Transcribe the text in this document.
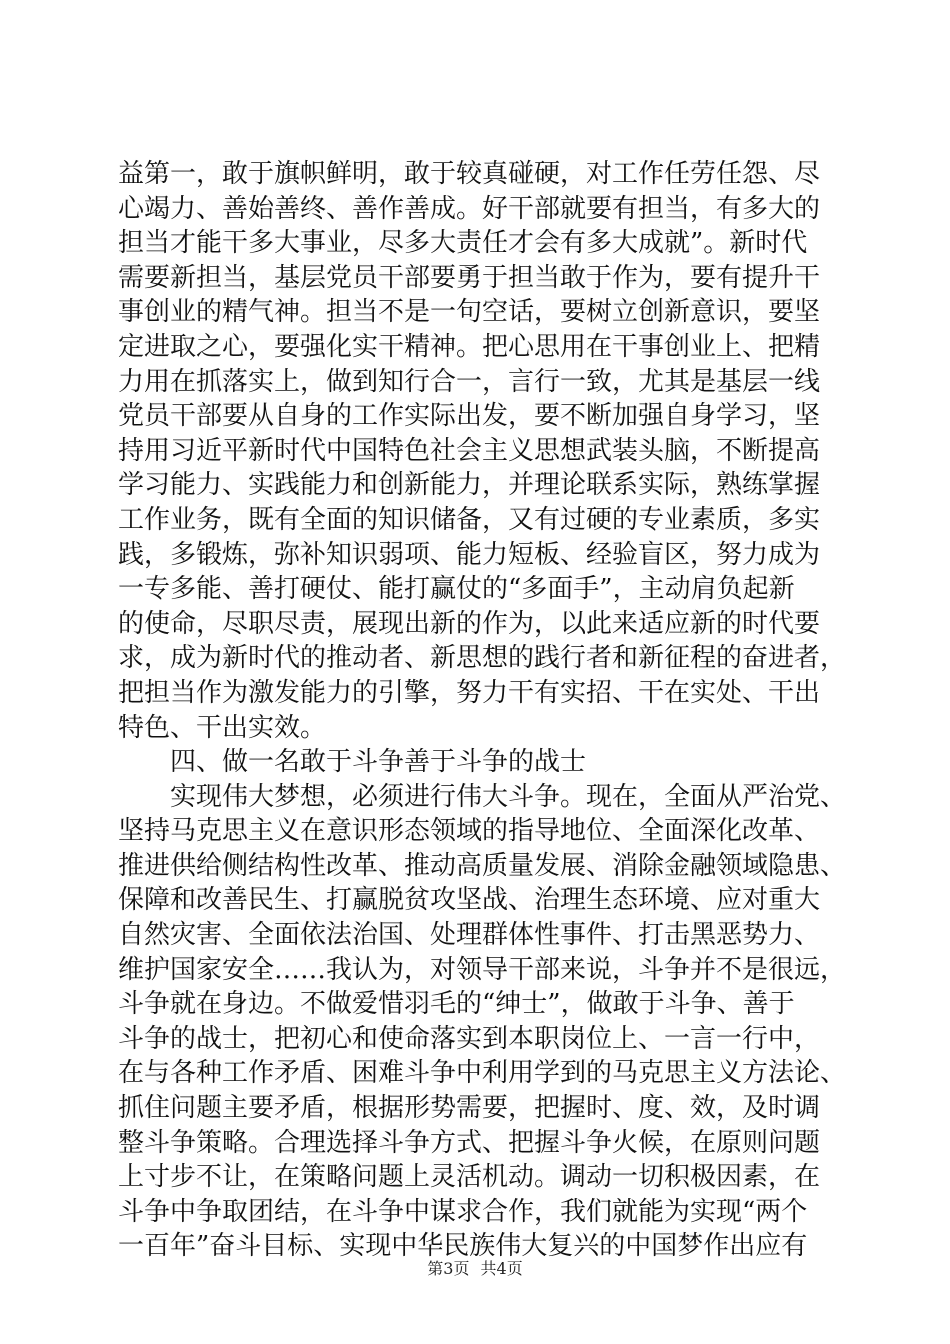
益第一，敢于旗帜鲜明，敢于较真碰硬，对工作任劳任怨、尽
心竭力、善始善终、善作善成。好干部就要有担当，有多大的
担当才能干多大事业，尽多大责任才会有多大成就”。新时代
需要新担当，基层党员干部要勇于担当敢于作为，要有提升干
事创业的精气神。担当不是一句空话，要树立创新意识，要坚
定进取之心，要强化实干精神。把心思用在干事创业上、把精
力用在抓落实上，做到知行合一，言行一致，尤其是基层一线
党员干部要从自身的工作实际出发，要不断加强自身学习，坚
持用习近平新时代中国特色社会主义思想武装头脑，不断提高
学习能力、实践能力和创新能力，并理论联系实际，熟练掌握
工作业务，既有全面的知识储备，又有过硬的专业素质，多实
践，多锻炼，弥补知识弱项、能力短板、经验盲区，努力成为
一专多能、善打硬仗、能打赢仗的“多面手”，主动肩负起新
的使命，尽职尽责，展现出新的作为，以此来适应新的时代要
求，成为新时代的推动者、新思想的践行者和新征程的奋进者，
把担当作为激发能力的引擎，努力干有实招、干在实处、干出
特色、干出实效。
四、做一名敢于斗争善于斗争的战士
实现伟大梦想，必须进行伟大斗争。现在，全面从严治党、
坚持马克思主义在意识形态领域的指导地位、全面深化改革、
推进供给侧结构性改革、推动高质量发展、消除金融领域隐患、
保障和改善民生、打赢脱贫攻坚战、治理生态环境、应对重大
自然灾害、全面依法治国、处理群体性事件、打击黑恶势力、
维护国家安全……我认为，对领导干部来说，斗争并不是很远，
斗争就在身边。不做爱惜羽毛的“绅士”，做敢于斗争、善于
斗争的战士，把初心和使命落实到本职岗位上、一言一行中，
在与各种工作矛盾、困难斗争中利用学到的马克思主义方法论、
抓住问题主要矛盾，根据形势需要，把握时、度、效，及时调
整斗争策略。合理选择斗争方式、把握斗争火候，在原则问题
上寸步不让，在策略问题上灵活机动。调动一切积极因素，在
斗争中争取团结，在斗争中谋求合作，我们就能为实现“两个
一百年”奋斗目标、实现中华民族伟大复兴的中国梦作出应有
第3页 共4页
